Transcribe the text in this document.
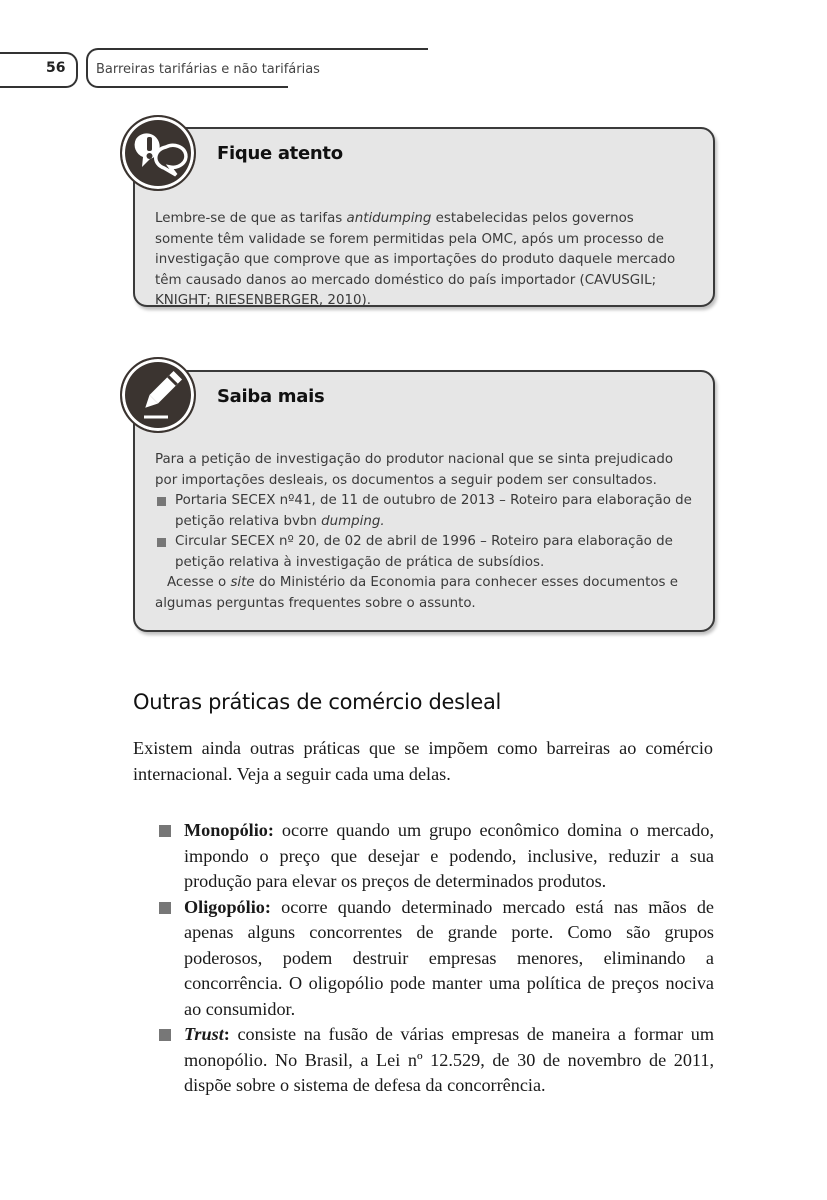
56 Barreiras tarifárias e não tarifárias
Fique atento

Lembre-se de que as tarifas antidumping estabelecidas pelos governos somente têm validade se forem permitidas pela OMC, após um processo de investigação que comprove que as importações do produto daquele mercado têm causado danos ao mercado doméstico do país importador (CAVUSGIL; KNIGHT; RIESENBERGER, 2010).

Saiba mais

Para a petição de investigação do produtor nacional que se sinta prejudicado por importações desleais, os documentos a seguir podem ser consultados.

Portaria SECEX nº41, de 11 de outubro de 2013 – Roteiro para elaboração de petição relativa bvbn dumping.
Circular SECEX nº 20, de 02 de abril de 1996 – Roteiro para elaboração de petição relativa à investigação de prática de subsídios.

Acesse o site do Ministério da Economia para conhecer esses documentos e algumas perguntas frequentes sobre o assunto.

Outras práticas de comércio desleal

Existem ainda outras práticas que se impõem como barreiras ao comércio internacional. Veja a seguir cada uma delas.

Monopólio: ocorre quando um grupo econômico domina o mercado, impondo o preço que desejar e podendo, inclusive, reduzir a sua produção para elevar os preços de determinados produtos.
Oligopólio: ocorre quando determinado mercado está nas mãos de apenas alguns concorrentes de grande porte. Como são grupos poderosos, podem destruir empresas menores, eliminando a concorrência. O oligopólio pode manter uma política de preços nociva ao consumidor.
Trust: consiste na fusão de várias empresas de maneira a formar um monopólio. No Brasil, a Lei nº 12.529, de 30 de novembro de 2011, dispõe sobre o sistema de defesa da concorrência.
